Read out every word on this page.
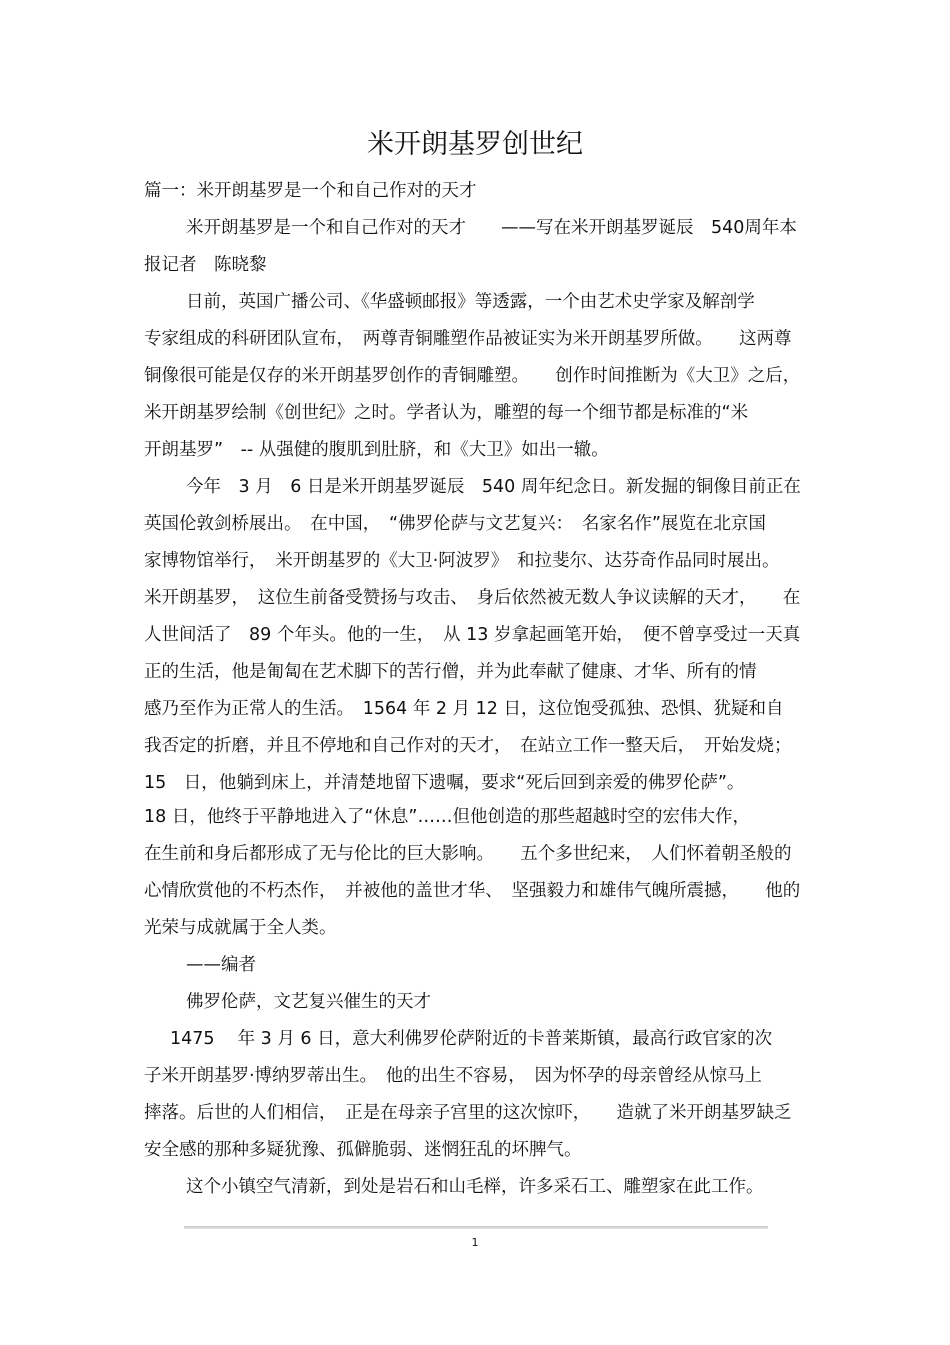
米开朗基罗创世纪
篇一：米开朗基罗是一个和自己作对的天才
米开朗基罗是一个和自己作对的天才　　——写在米开朗基罗诞辰　540周年本
报记者　陈晓黎
日前，英国广播公司、《华盛顿邮报》等透露，一个由艺术史学家及解剖学
专家组成的科研团队宣布，　两尊青铜雕塑作品被证实为米开朗基罗所做。　　这两尊
铜像很可能是仅存的米开朗基罗创作的青铜雕塑。　　创作时间推断为《大卫》之后，
米开朗基罗绘制《创世纪》之时。学者认为，雕塑的每一个细节都是标准的“米
开朗基罗”　-- 从强健的腹肌到肚脐，和《大卫》如出一辙。
今年　3 月　6 日是米开朗基罗诞辰　540 周年纪念日。新发掘的铜像目前正在
英国伦敦剑桥展出。　在中国，　“佛罗伦萨与文艺复兴：　名家名作”展览在北京国
家博物馆举行，　米开朗基罗的《大卫·阿波罗》　和拉斐尔、达芬奇作品同时展出。
米开朗基罗，　这位生前备受赞扬与攻击、　身后依然被无数人争议读解的天才，　　在
人世间活了　89 个年头。他的一生，　从 13 岁拿起画笔开始，　便不曾享受过一天真
正的生活，他是匍匐在艺术脚下的苦行僧，并为此奉献了健康、才华、所有的情
感乃至作为正常人的生活。　1564 年 2 月 12 日，这位饱受孤独、恐惧、犹疑和自
我否定的折磨，并且不停地和自己作对的天才，　在站立工作一整天后，　开始发烧；
15　日，他躺到床上，并清楚地留下遗嘱，要求“死后回到亲爱的佛罗伦萨”。
18 日，他终于平静地进入了“休息”……但他创造的那些超越时空的宏伟大作，
在生前和身后都形成了无与伦比的巨大影响。　　五个多世纪来，　人们怀着朝圣般的
心情欣赏他的不朽杰作，　并被他的盖世才华、　坚强毅力和雄伟气魄所震撼，　　他的
光荣与成就属于全人类。
——编者
佛罗伦萨，文艺复兴催生的天才
1475　 年 3 月 6 日，意大利佛罗伦萨附近的卡普莱斯镇，最高行政官家的次
子米开朗基罗·博纳罗蒂出生。　他的出生不容易，　因为怀孕的母亲曾经从惊马上
摔落。后世的人们相信，　正是在母亲子宫里的这次惊吓，　　造就了米开朗基罗缺乏
安全感的那种多疑犹豫、孤僻脆弱、迷惘狂乱的坏脾气。
这个小镇空气清新，到处是岩石和山毛榉，许多采石工、雕塑家在此工作。
1
